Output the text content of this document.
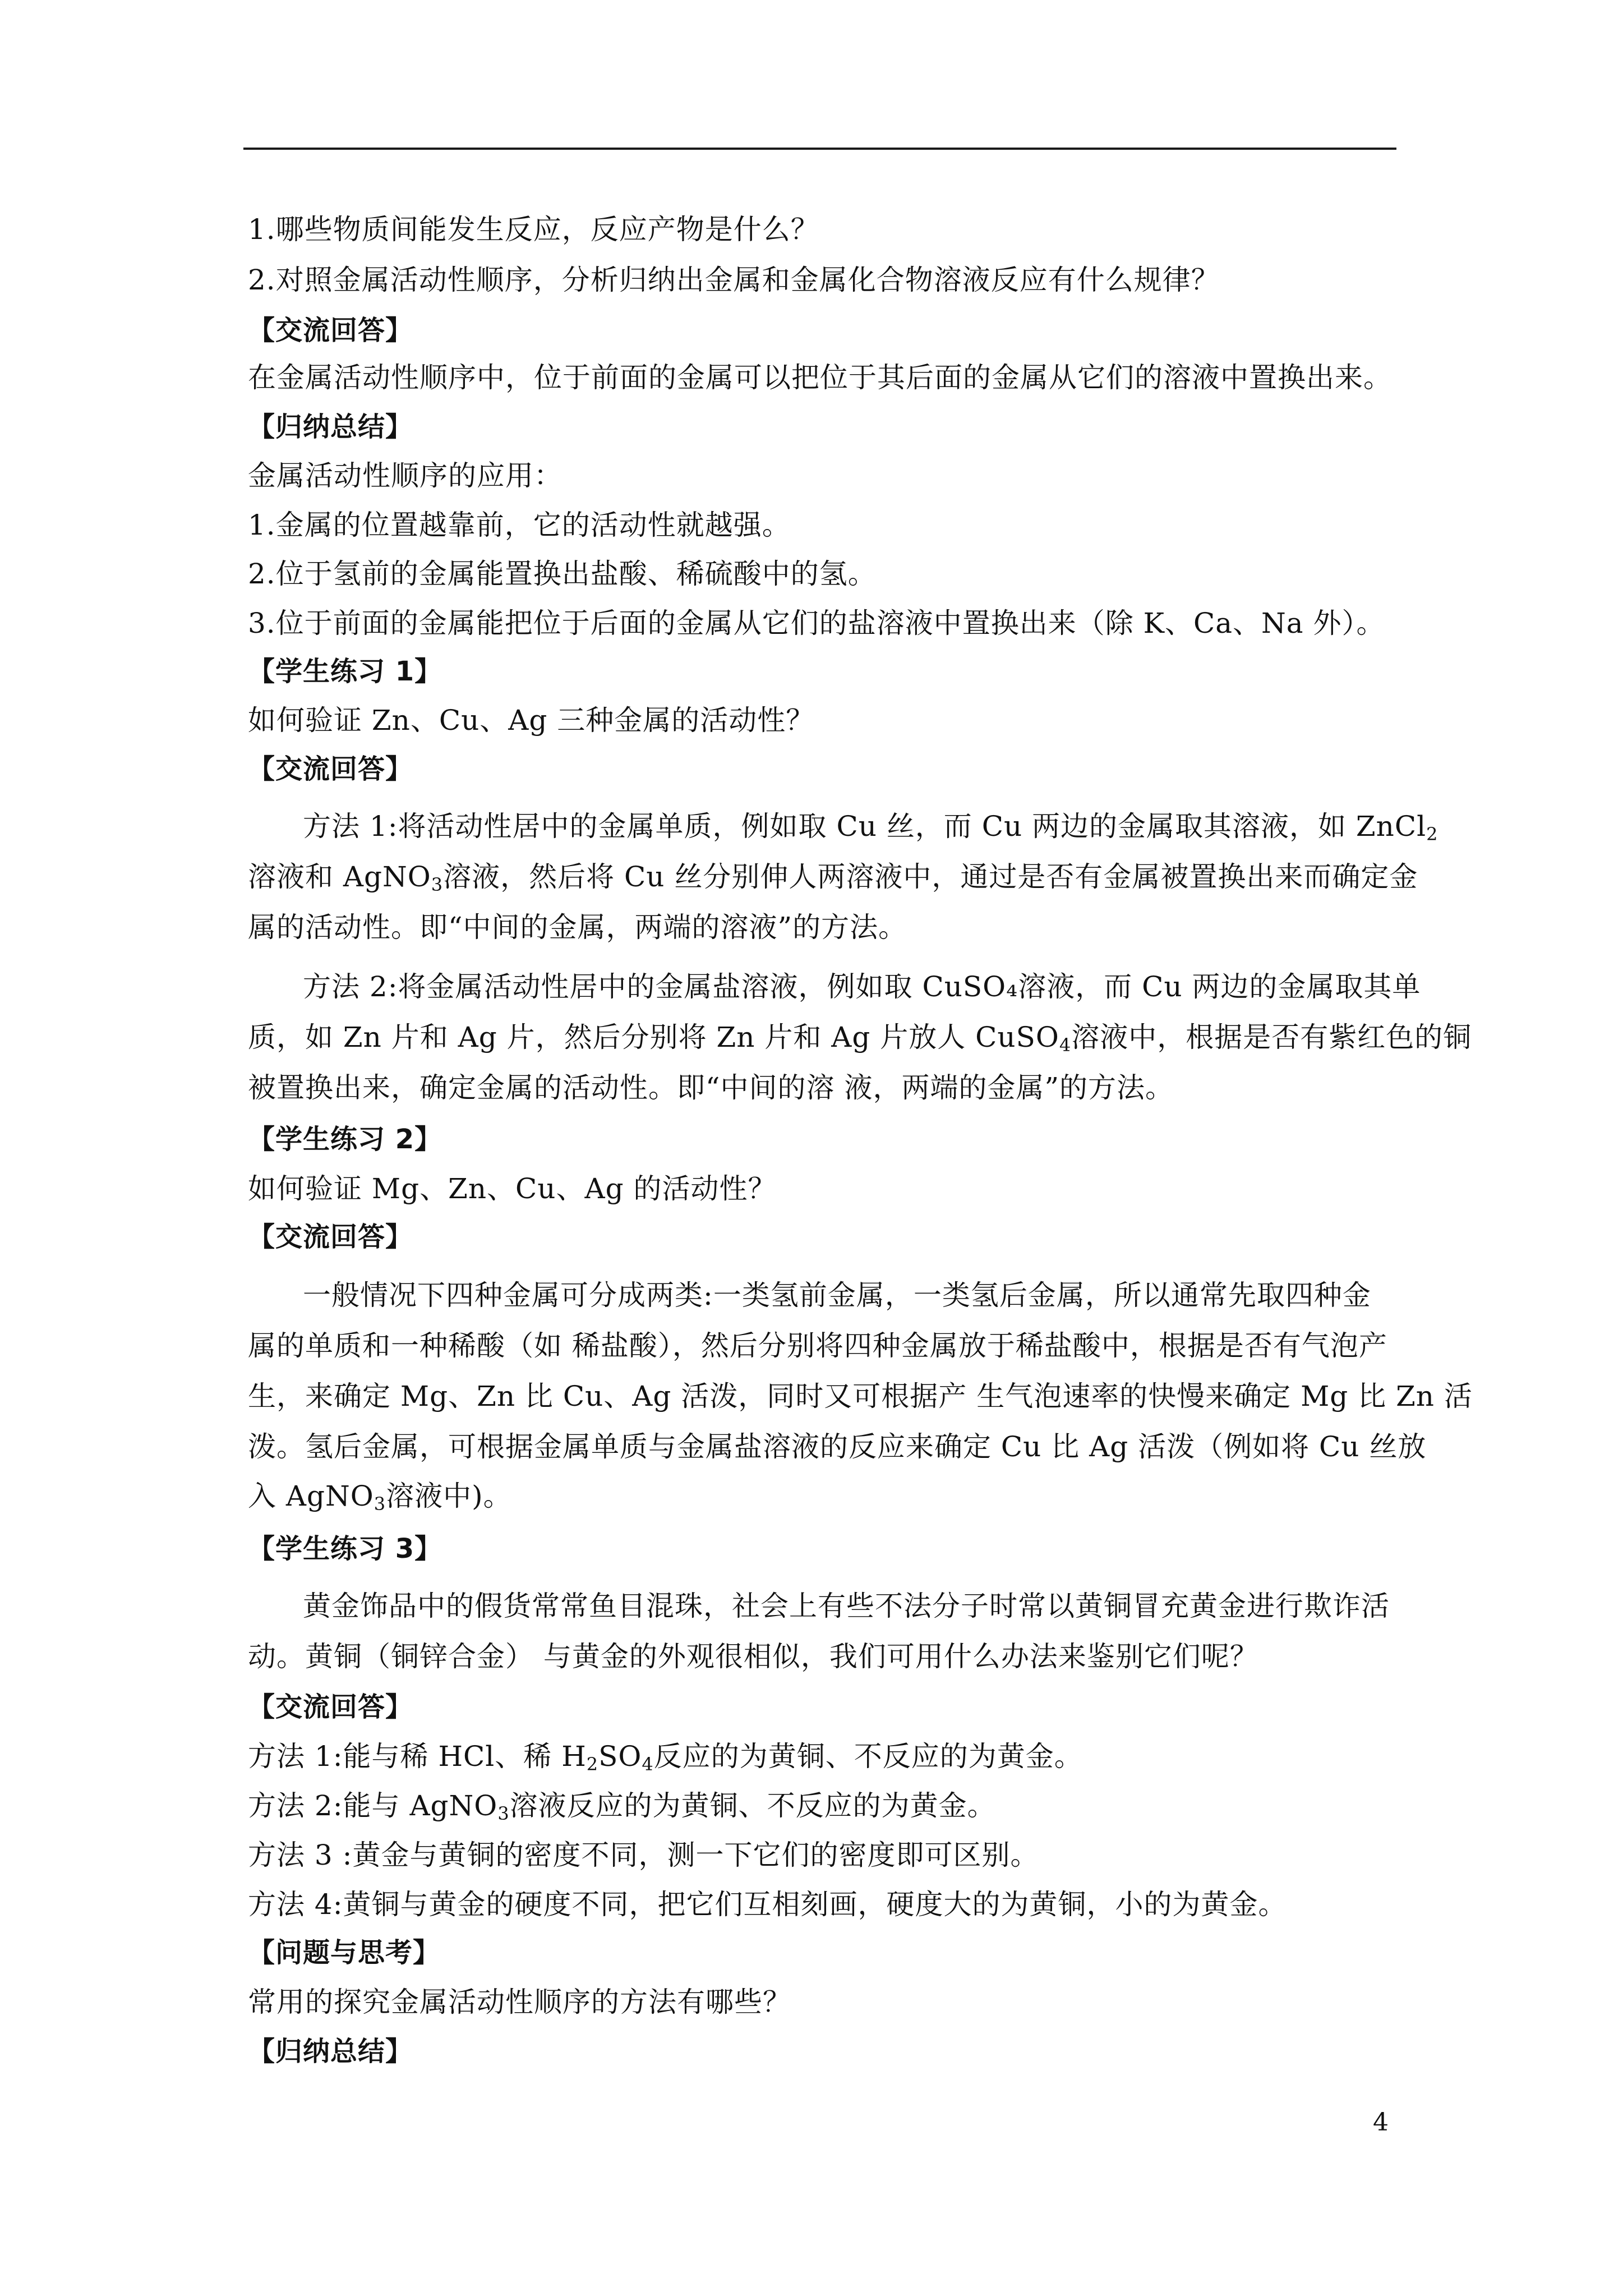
1.哪些物质间能发生反应，反应产物是什么？
2.对照金属活动性顺序，分析归纳出金属和金属化合物溶液反应有什么规律？
【交流回答】
在金属活动性顺序中，位于前面的金属可以把位于其后面的金属从它们的溶液中置换出来。
【归纳总结】
金属活动性顺序的应用：
1.金属的位置越靠前，它的活动性就越强。
2.位于氢前的金属能置换出盐酸、稀硫酸中的氢。
3.位于前面的金属能把位于后面的金属从它们的盐溶液中置换出来（除 K、Ca、Na 外）。
【学生练习 1】
如何验证 Zn、Cu、Ag 三种金属的活动性？
【交流回答】
方法 1:将活动性居中的金属单质，例如取 Cu 丝，而 Cu 两边的金属取其溶液，如 ZnCl$_2$
溶液和 AgNO$_3$溶液，然后将 Cu 丝分别伸人两溶液中，通过是否有金属被置换出来而确定金
属的活动性。即“中间的金属，两端的溶液”的方法。
方法 2:将金属活动性居中的金属盐溶液，例如取 CuSO₄溶液，而 Cu 两边的金属取其单
质，如 Zn 片和 Ag 片，然后分别将 Zn 片和 Ag 片放人 CuSO$_4$溶液中，根据是否有紫红色的铜
被置换出来，确定金属的活动性。即“中间的溶 液，两端的金属”的方法。
【学生练习 2】
如何验证 Mg、Zn、Cu、Ag 的活动性？
【交流回答】
一般情况下四种金属可分成两类:一类氢前金属，一类氢后金属，所以通常先取四种金
属的单质和一种稀酸（如 稀盐酸），然后分别将四种金属放于稀盐酸中，根据是否有气泡产
生，来确定 Mg、Zn 比 Cu、Ag 活泼，同时又可根据产 生气泡速率的快慢来确定 Mg 比 Zn 活
泼。氢后金属，可根据金属单质与金属盐溶液的反应来确定 Cu 比 Ag 活泼（例如将 Cu 丝放
入 AgNO$_3$溶液中)。
【学生练习 3】
黄金饰品中的假货常常鱼目混珠，社会上有些不法分子时常以黄铜冒充黄金进行欺诈活
动。黄铜（铜锌合金） 与黄金的外观很相似，我们可用什么办法来鉴别它们呢？
【交流回答】
方法 1:能与稀 HCl、稀 $H_2SO_4$反应的为黄铜、不反应的为黄金。
方法 2:能与 AgNO$_3$溶液反应的为黄铜、不反应的为黄金。
方法 3 :黄金与黄铜的密度不同，测一下它们的密度即可区别。
方法 4:黄铜与黄金的硬度不同，把它们互相刻画，硬度大的为黄铜，小的为黄金。
【问题与思考】
常用的探究金属活动性顺序的方法有哪些？
【归纳总结】
4
